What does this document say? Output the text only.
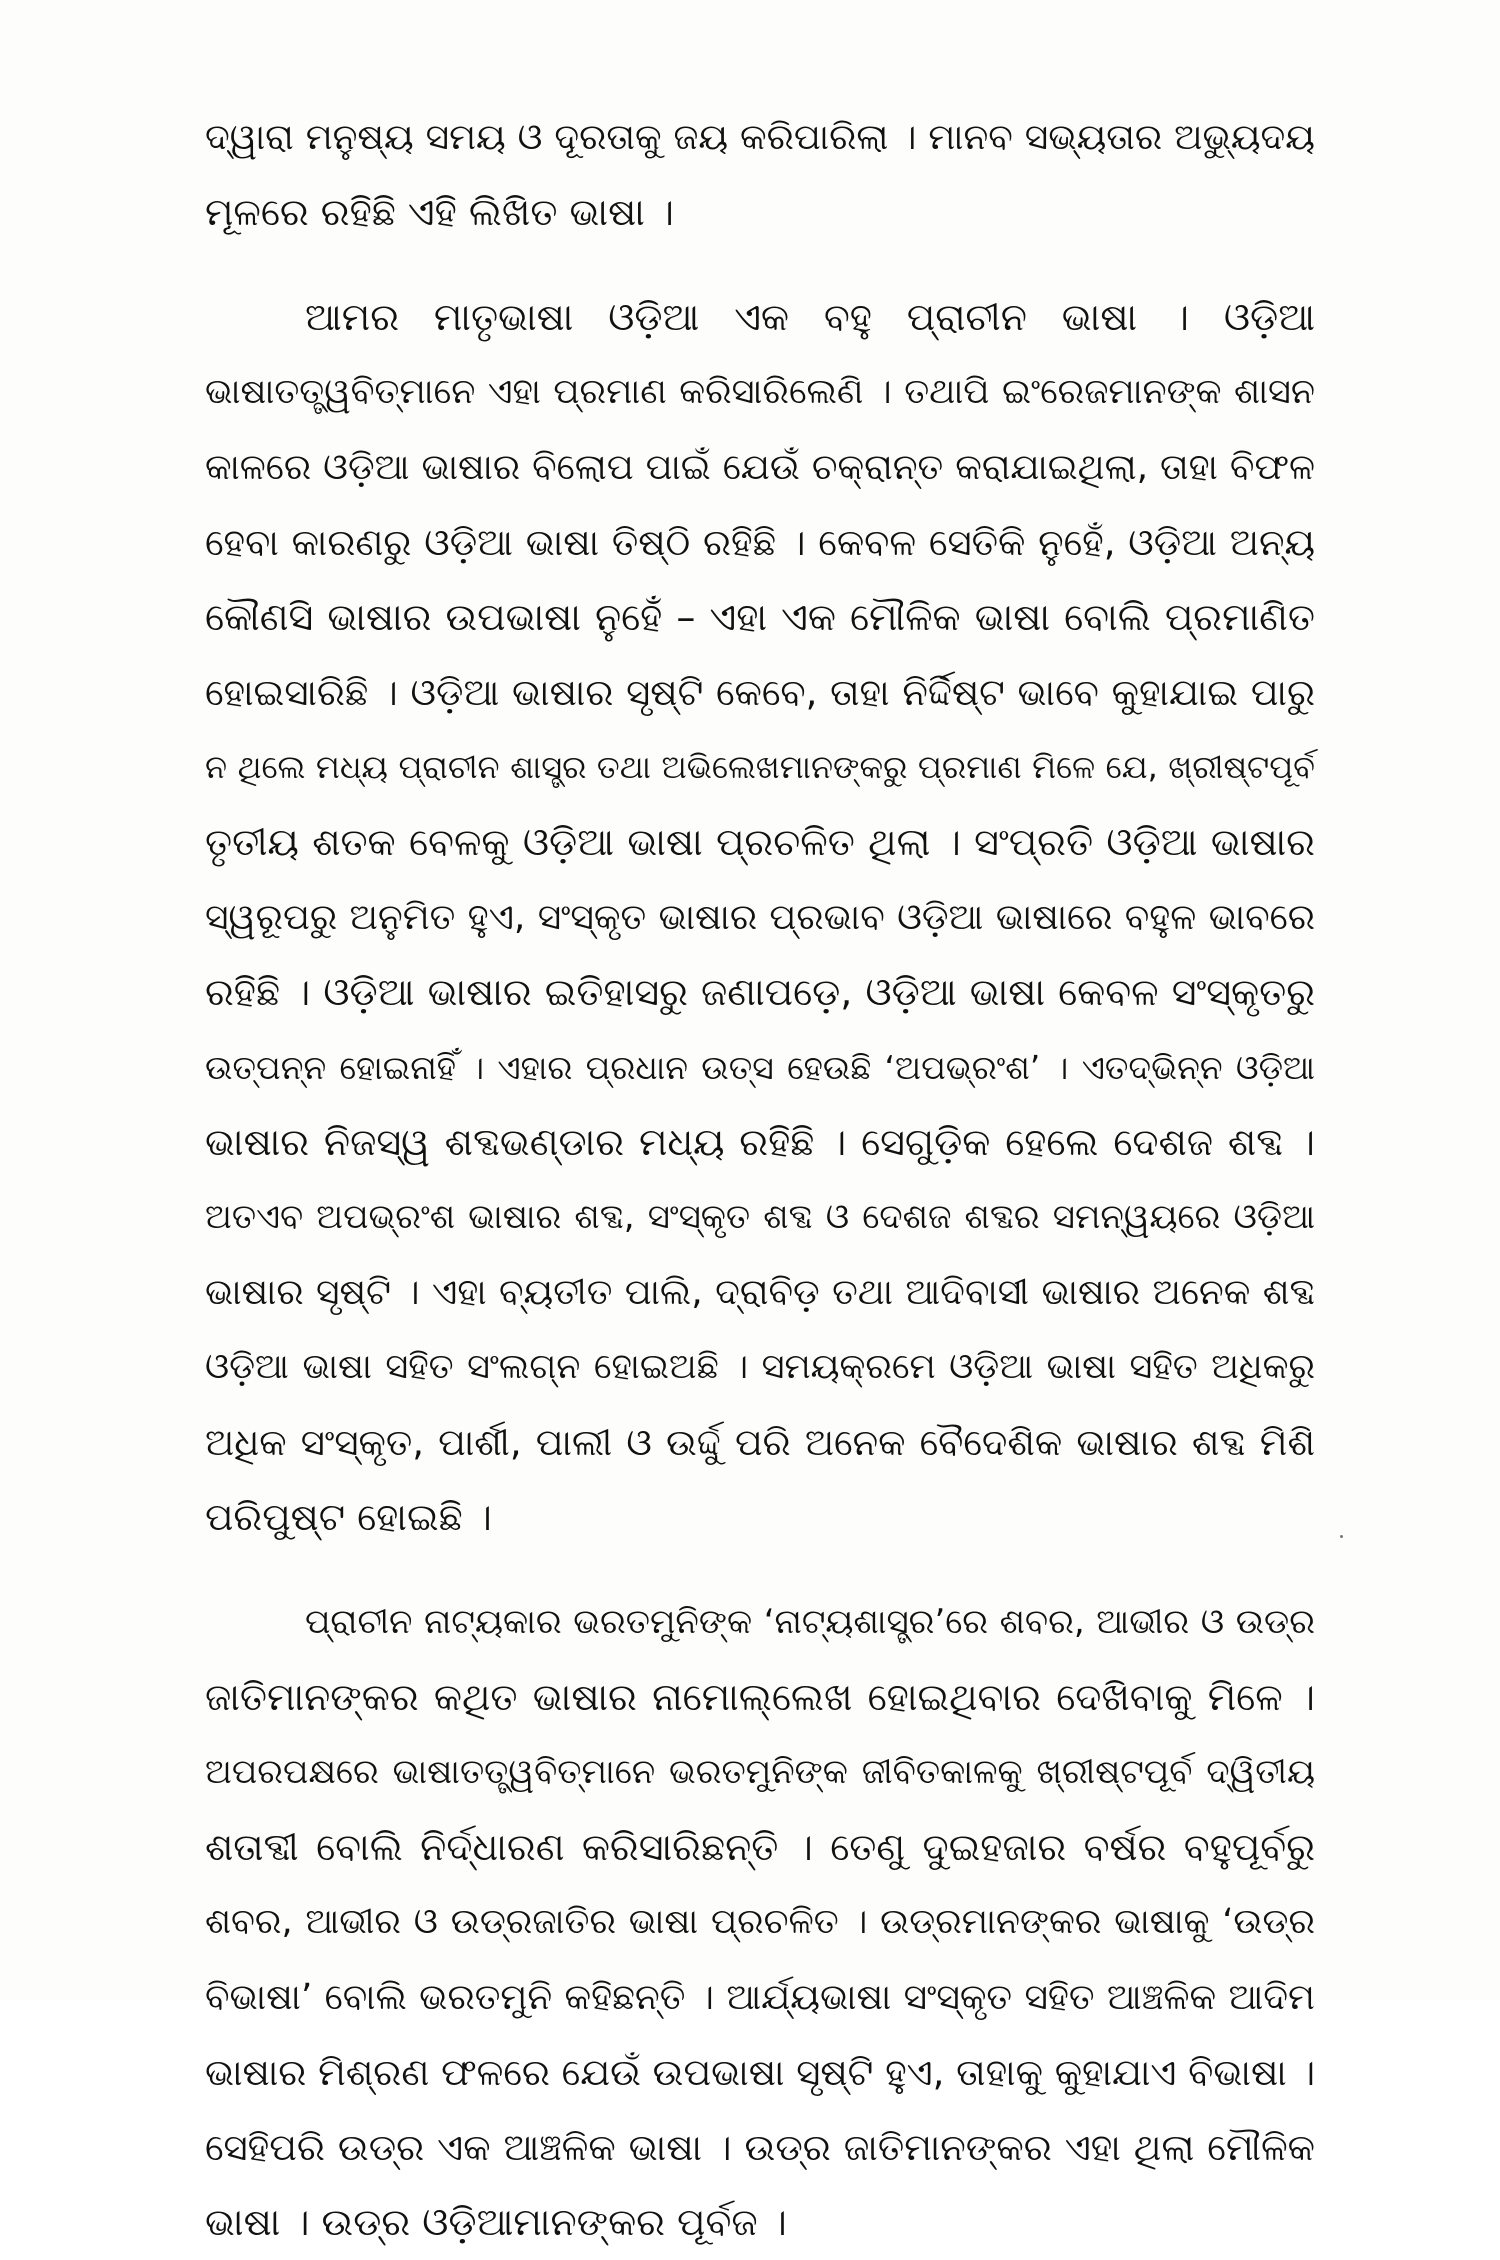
ଦ୍ୱାରା ମନୁଷ୍ୟ ସମୟ ଓ ଦୂରତାକୁ ଜୟ କରିପାରିଲା । ମାନବ ସଭ୍ୟତାର ଅଭ୍ୟୁଦୟ
ମୂଳରେ ରହିଛି ଏହି ଲିଖିତ ଭାଷା ।
ଆମର ମାତୃଭାଷା ଓଡ଼ିଆ ଏକ ବହୁ ପ୍ରାଚୀନ ଭାଷା । ଓଡ଼ିଆ
ଭାଷାତତ୍ତ୍ୱବିତ୍‌ମାନେ ଏହା ପ୍ରମାଣ କରିସାରିଲେଣି । ତଥାପି ଇଂରେଜମାନଙ୍କ ଶାସନ
କାଳରେ ଓଡ଼ିଆ ଭାଷାର ବିଲୋପ ପାଇଁ ଯେଉଁ ଚକ୍ରାନ୍ତ କରାଯାଇଥିଲା, ତାହା ବିଫଳ
ହେବା କାରଣରୁ ଓଡ଼ିଆ ଭାଷା ତିଷ୍ଠି ରହିଛି । କେବଳ ସେତିକି ନୁହେଁ, ଓଡ଼ିଆ ଅନ୍ୟ
କୌଣସି ଭାଷାର ଉପଭାଷା ନୁହେଁ – ଏହା ଏକ ମୌଳିକ ଭାଷା ବୋଲି ପ୍ରମାଣିତ
ହୋଇସାରିଛି । ଓଡ଼ିଆ ଭାଷାର ସୃଷ୍ଟି କେବେ, ତାହା ନିର୍ଦ୍ଦିଷ୍ଟ ଭାବେ କୁହାଯାଇ ପାରୁ
ନ ଥିଲେ ମଧ୍ୟ ପ୍ରାଚୀନ ଶାସ୍ତ୍ର ତଥା ଅଭିଲେଖମାନଙ୍କରୁ ପ୍ରମାଣ ମିଳେ ଯେ, ଖ୍ରୀଷ୍ଟପୂର୍ବ
ତୃତୀୟ ଶତକ ବେଳକୁ ଓଡ଼ିଆ ଭାଷା ପ୍ରଚଳିତ ଥିଲା । ସଂପ୍ରତି ଓଡ଼ିଆ ଭାଷାର
ସ୍ୱରୂପରୁ ଅନୁମିତ ହୁଏ, ସଂସ୍କୃତ ଭାଷାର ପ୍ରଭାବ ଓଡ଼ିଆ ଭାଷାରେ ବହୁଳ ଭାବରେ
ରହିଛି । ଓଡ଼ିଆ ଭାଷାର ଇତିହାସରୁ ଜଣାପଡ଼େ, ଓଡ଼ିଆ ଭାଷା କେବଳ ସଂସ୍କୃତରୁ
ଉତ୍ପନ୍ନ ହୋଇନାହିଁ । ଏହାର ପ୍ରଧାନ ଉତ୍ସ ହେଉଛି ‘ଅପଭ୍ରଂଶ’ । ଏତଦ୍‌ଭିନ୍ନ ଓଡ଼ିଆ
ଭାଷାର ନିଜସ୍ୱ ଶବ୍ଦଭଣ୍ଡାର ମଧ୍ୟ ରହିଛି । ସେଗୁଡ଼ିକ ହେଲେ ଦେଶଜ ଶବ୍ଦ ।
ଅତଏବ ଅପଭ୍ରଂଶ ଭାଷାର ଶବ୍ଦ, ସଂସ୍କୃତ ଶବ୍ଦ ଓ ଦେଶଜ ଶବ୍ଦର ସମନ୍ୱୟରେ ଓଡ଼ିଆ
ଭାଷାର ସୃଷ୍ଟି । ଏହା ବ୍ୟତୀତ ପାଲି, ଦ୍ରାବିଡ଼ ତଥା ଆଦିବାସୀ ଭାଷାର ଅନେକ ଶବ୍ଦ
ଓଡ଼ିଆ ଭାଷା ସହିତ ସଂଲଗ୍ନ ହୋଇଅଛି । ସମୟକ୍ରମେ ଓଡ଼ିଆ ଭାଷା ସହିତ ଅଧିକରୁ
ଅଧିକ ସଂସ୍କୃତ, ପାର୍ଶୀ, ପାଲୀ ଓ ଉର୍ଦ୍ଦୁ ପରି ଅନେକ ବୈଦେଶିକ ଭାଷାର ଶବ୍ଦ ମିଶି
ପରିପୁଷ୍ଟ ହୋଇଛି ।
ପ୍ରାଚୀନ ନାଟ୍ୟକାର ଭରତମୁନିଙ୍କ ‘ନାଟ୍ୟଶାସ୍ତ୍ର’ରେ ଶବର, ଆଭୀର ଓ ଉଡ୍ର
ଜାତିମାନଙ୍କର କଥିତ ଭାଷାର ନାମୋଲ୍ଲେଖ ହୋଇଥିବାର ଦେଖିବାକୁ ମିଳେ ।
ଅପରପକ୍ଷରେ ଭାଷାତତ୍ତ୍ୱବିତ୍‌ମାନେ ଭରତମୁନିଙ୍କ ଜୀବିତକାଳକୁ ଖ୍ରୀଷ୍ଟପୂର୍ବ ଦ୍ୱିତୀୟ
ଶତାବ୍ଦୀ ବୋଲି ନିର୍ଦ୍ଧାରଣ କରିସାରିଛନ୍ତି । ତେଣୁ ଦୁଇହଜାର ବର୍ଷର ବହୁପୂର୍ବରୁ
ଶବର, ଆଭୀର ଓ ଉଡ୍ରଜାତିର ଭାଷା ପ୍ରଚଳିତ । ଉଡ୍ରମାନଙ୍କର ଭାଷାକୁ ‘ଉଡ୍ର
ବିଭାଷା’ ବୋଲି ଭରତମୁନି କହିଛନ୍ତି । ଆର୍ଯ୍ୟଭାଷା ସଂସ୍କୃତ ସହିତ ଆଞ୍ଚଳିକ ଆଦିମ
ଭାଷାର ମିଶ୍ରଣ ଫଳରେ ଯେଉଁ ଉପଭାଷା ସୃଷ୍ଟି ହୁଏ, ତାହାକୁ କୁହାଯାଏ ବିଭାଷା ।
ସେହିପରି ଉଡ୍ର ଏକ ଆଞ୍ଚଳିକ ଭାଷା । ଉଡ୍ର ଜାତିମାନଙ୍କର ଏହା ଥିଲା ମୌଳିକ
ଭାଷା । ଉଡ୍ର ଓଡ଼ିଆମାନଙ୍କର ପୂର୍ବଜ ।
